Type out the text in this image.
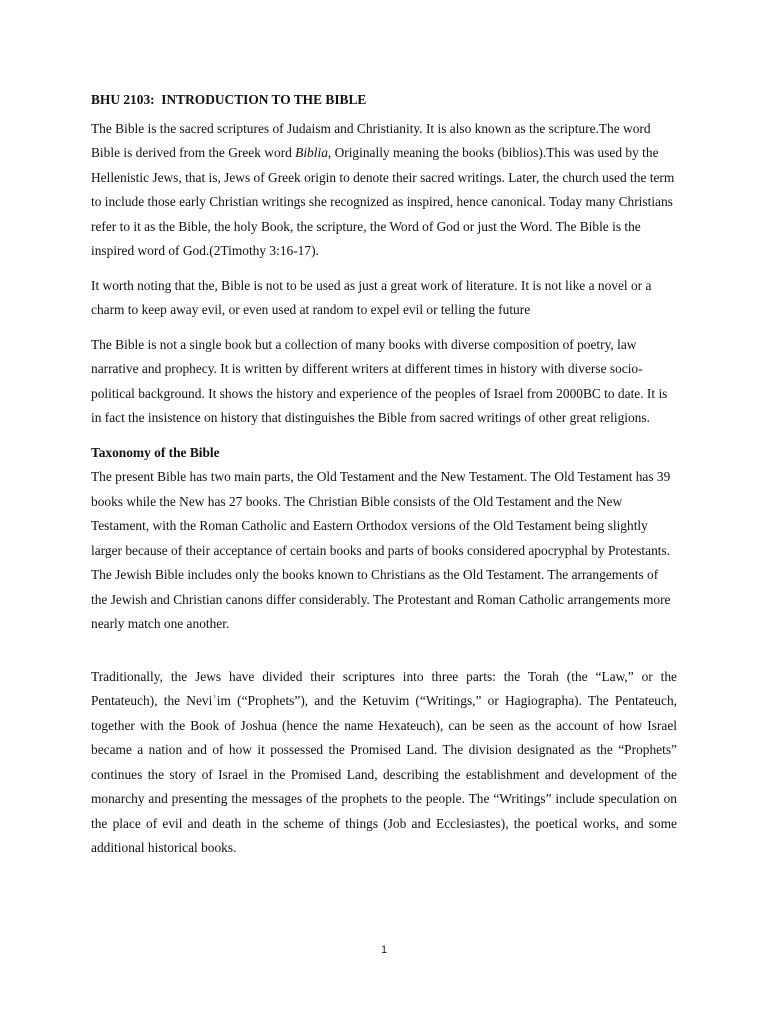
BHU 2103:  INTRODUCTION TO THE BIBLE

The Bible is the sacred scriptures of Judaism and Christianity. It is also known as the scripture.The word Bible is derived from the Greek word Biblia, Originally meaning the books (biblios).This was used by the Hellenistic Jews, that is, Jews of Greek origin to denote their sacred writings. Later, the church used the term to include those early Christian writings she recognized as inspired, hence canonical. Today many Christians refer to it as the Bible, the holy Book, the scripture, the Word of God or just the Word. The Bible is the inspired word of God.(2Timothy 3:16-17).

It worth noting that the, Bible is not to be used as just a great work of literature. It is not like a novel or a charm to keep away evil, or even used at random to expel evil or telling the future

The Bible is not a single book but a collection of many books with diverse composition of poetry, law narrative and prophecy. It is written by different writers at different times in history with diverse socio-political background. It shows the history and experience of the peoples of Israel from 2000BC to date. It is in fact the insistence on history that distinguishes the Bible from sacred writings of other great religions.

Taxonomy of the Bible

The present Bible has two main parts, the Old Testament and the New Testament. The Old Testament has 39 books while the New has 27 books. The Christian Bible consists of the Old Testament and the New Testament, with the Roman Catholic and Eastern Orthodox versions of the Old Testament being slightly larger because of their acceptance of certain books and parts of books considered apocryphal by Protestants. The Jewish Bible includes only the books known to Christians as the Old Testament. The arrangements of the Jewish and Christian canons differ considerably. The Protestant and Roman Catholic arrangements more nearly match one another.

Traditionally, the Jews have divided their scriptures into three parts: the Torah (the “Law,” or the Pentateuch), the Neviʾim (“Prophets”), and the Ketuvim (“Writings,” or Hagiographa). The Pentateuch, together with the Book of Joshua (hence the name Hexateuch), can be seen as the account of how Israel became a nation and of how it possessed the Promised Land. The division designated as the “Prophets” continues the story of Israel in the Promised Land, describing the establishment and development of the monarchy and presenting the messages of the prophets to the people. The “Writings” include speculation on the place of evil and death in the scheme of things (Job and Ecclesiastes), the poetical works, and some additional historical books.

1
